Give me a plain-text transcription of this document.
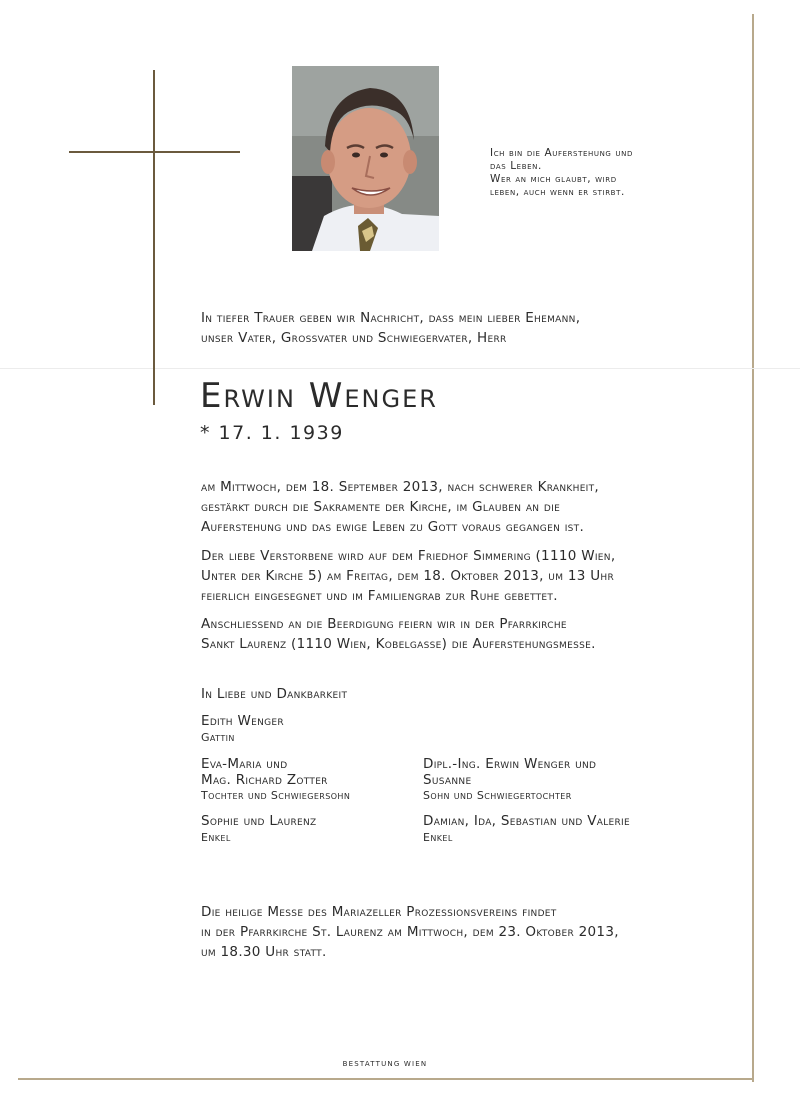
Ich bin die Auferstehung und
das Leben.
Wer an mich glaubt, wird
leben, auch wenn er stirbt.
In tiefer Trauer geben wir Nachricht, dass mein lieber Ehemann,
unser Vater, Grossvater und Schwiegervater, Herr
Erwin Wenger
* 17. 1. 1939
am Mittwoch, dem 18. September 2013, nach schwerer Krankheit,
gestärkt durch die Sakramente der Kirche, im Glauben an die
Auferstehung und das ewige Leben zu Gott voraus gegangen ist.
Der liebe Verstorbene wird auf dem Friedhof Simmering (1110 Wien,
Unter der Kirche 5) am Freitag, dem 18. Oktober 2013, um 13 Uhr
feierlich eingesegnet und im Familiengrab zur Ruhe gebettet.
Anschliessend an die Beerdigung feiern wir in der Pfarrkirche
Sankt Laurenz (1110 Wien, Kobelgasse) die Auferstehungsmesse.
In Liebe und Dankbarkeit
Edith Wenger
Gattin
Eva-Maria und
Mag. Richard Zotter
Tochter und Schwiegersohn
Dipl.-Ing. Erwin Wenger und
Susanne
Sohn und Schwiegertochter
Sophie und Laurenz
Enkel
Damian, Ida, Sebastian und Valerie
Enkel
Die heilige Messe des Mariazeller Prozessionsvereins findet
in der Pfarrkirche St. Laurenz am Mittwoch, dem 23. Oktober 2013,
um 18.30 Uhr statt.
BESTATTUNG WIEN
